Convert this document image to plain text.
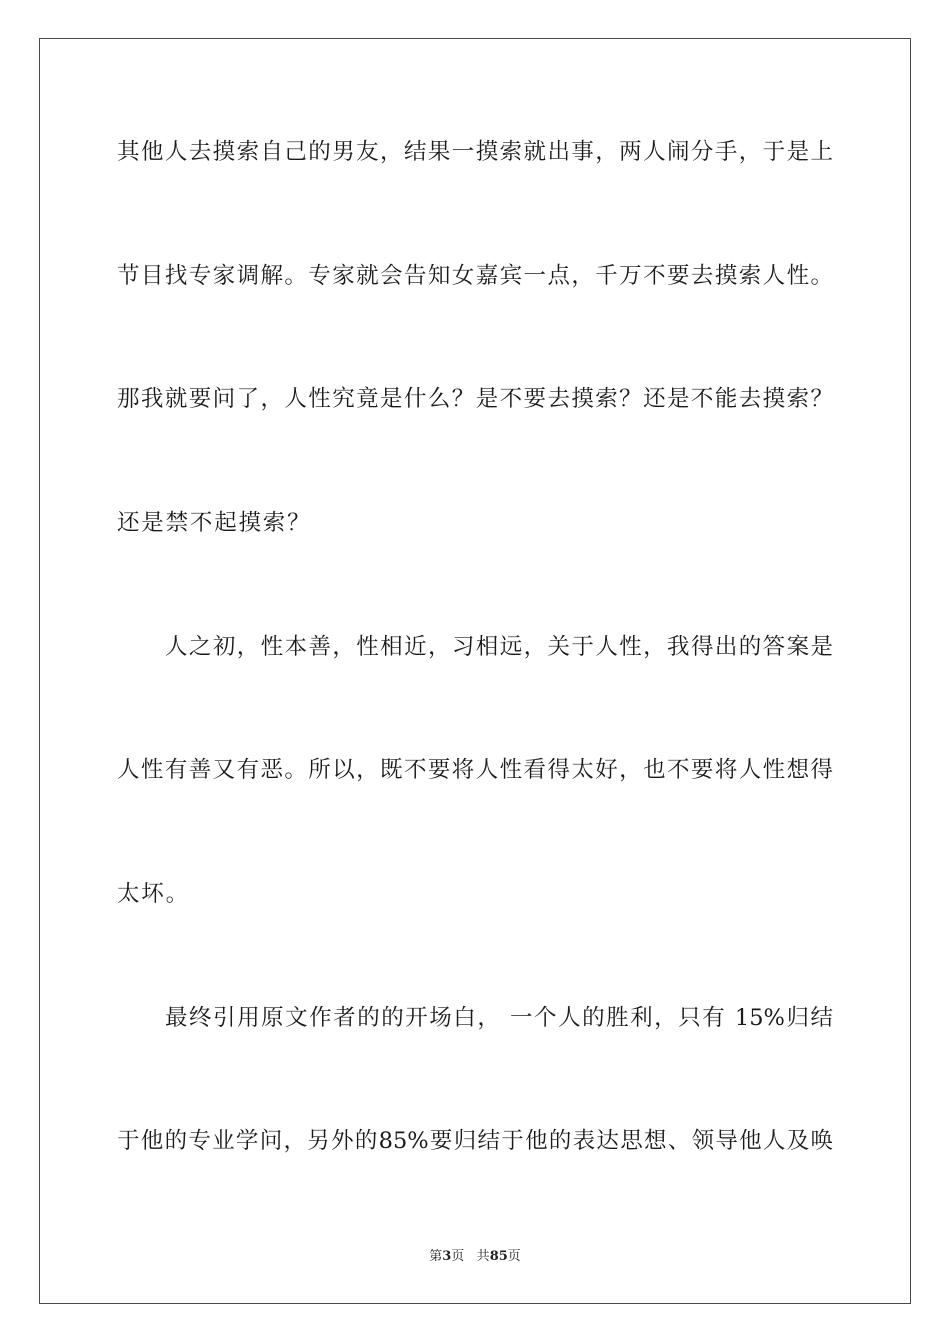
其他人去摸索自己的男友，结果一摸索就出事，两人闹分手，于是上
节目找专家调解。专家就会告知女嘉宾一点，千万不要去摸索人性。
那我就要问了，人性究竟是什么？是不要去摸索？还是不能去摸索？
还是禁不起摸索？
人之初，性本善，性相近，习相远，关于人性，我得出的答案是
人性有善又有恶。所以，既不要将人性看得太好，也不要将人性想得
太坏。
最终引用原文作者的的开场白， 一个人的胜利，只有 15%归结
于他的专业学问，另外的85%要归结于他的表达思想、领导他人及唤
第3页 共85页
